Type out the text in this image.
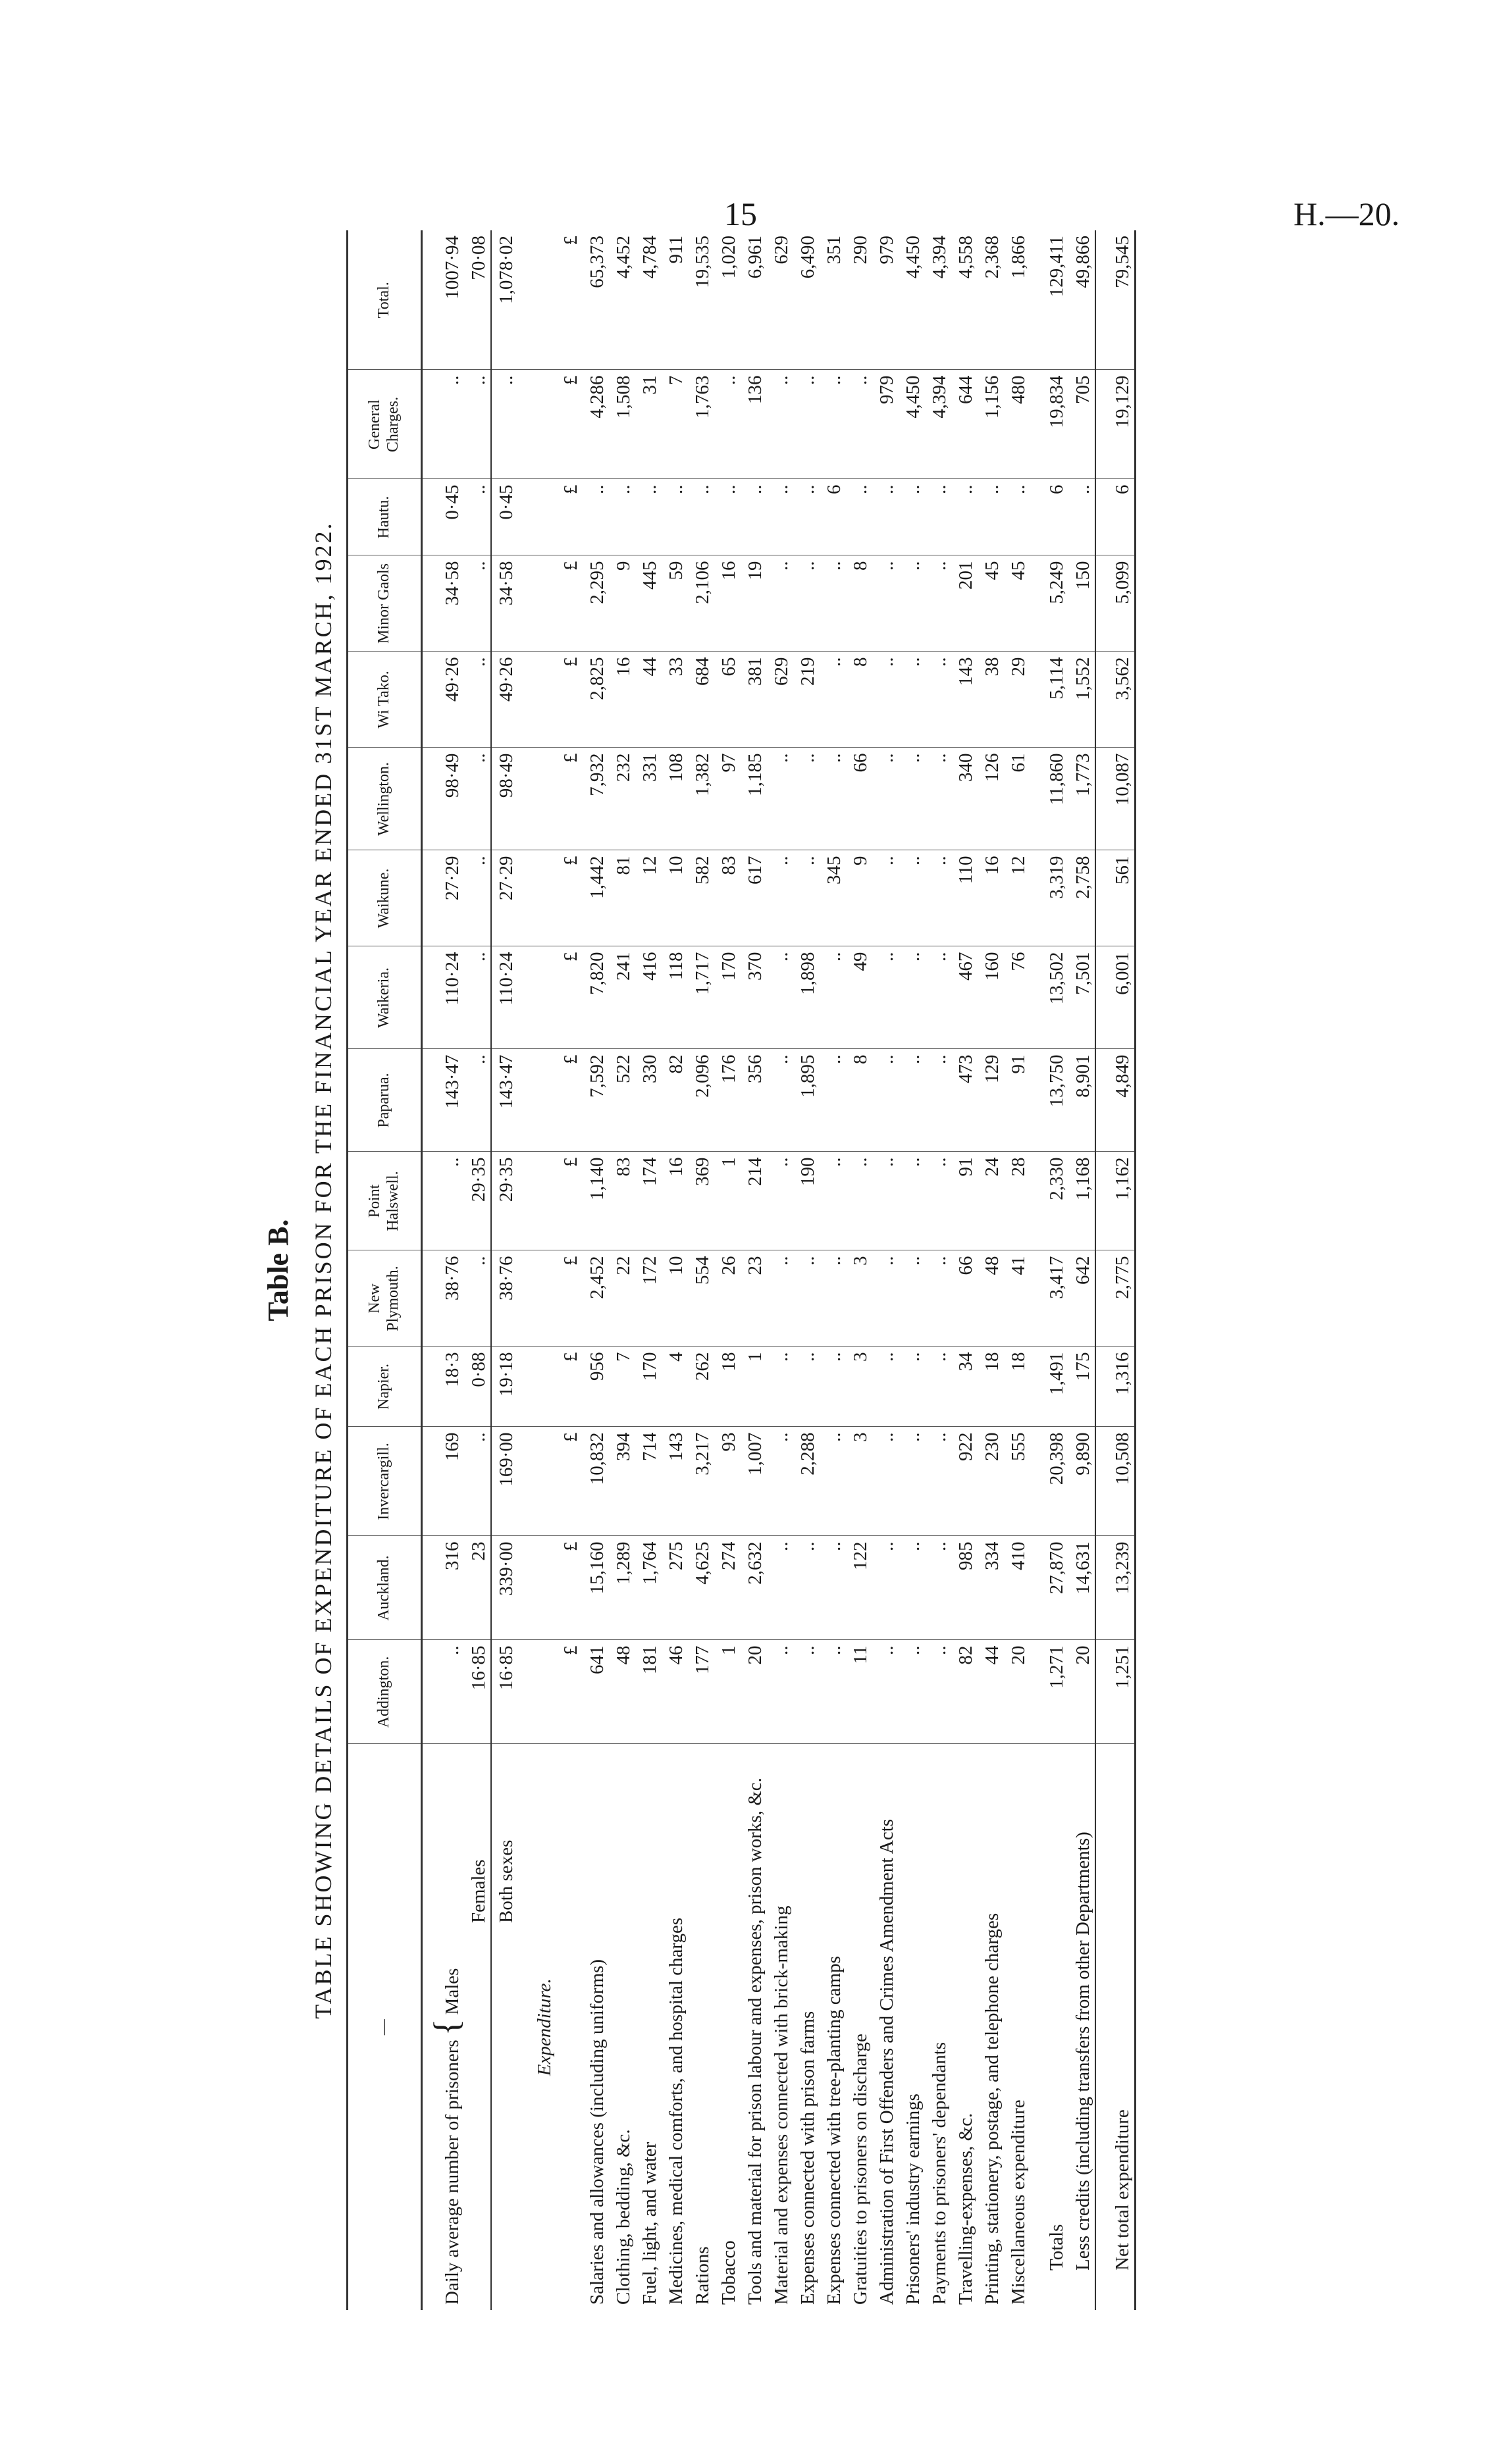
15	H.—20.
Table B. TABLE SHOWING DETAILS OF EXPENDITURE OF EACH PRISON FOR THE FINANCIAL YEAR ENDED 31ST MARCH, 1922.
—	Addington.	Auckland.	Invercargill.	Napier.	New Plymouth.	Point Halswell.	Paparua.	Waikeria.	Waikune.	Wellington.	Wi Tako.	Minor Gaols	Hautu.	General Charges.	Total.

Daily average number of prisoners{Males	..	316	169	18·3	38·76	..	143·47	110·24	27·29	98·49	49·26	34·58	0·45	..	1007·94
Females	16·85	23	..	0·88	..	29·35	..	..	..	..	..	..	..	..	70·08
Both sexes	16·85	339·00	169·00	19·18	38·76	29·35	143·47	110·24	27·29	98·49	49·26	34·58	0·45	..	1,078·02

Expenditure.															
	£	£	£	£	£	£	£	£	£	£	£	£	£	£	£
Salaries and allowances (including uniforms)	641	15,160	10,832	956	2,452	1,140	7,592	7,820	1,442	7,932	2,825	2,295	..	4,286	65,373
Clothing, bedding, &c.	48	1,289	394	7	22	83	522	241	81	232	16	9	..	1,508	4,452
Fuel, light, and water	181	1,764	714	170	172	174	330	416	12	331	44	445	..	31	4,784
Medicines, medical comforts, and hospital charges	46	275	143	4	10	16	82	118	10	108	33	59	..	7	911
Rations	177	4,625	3,217	262	554	369	2,096	1,717	582	1,382	684	2,106	..	1,763	19,535
Tobacco	1	274	93	18	26	1	176	170	83	97	65	16	..	..	1,020
Tools and material for prison labour and expenses, prison works, &c.	20	2,632	1,007	1	23	214	356	370	617	1,185	381	19	..	136	6,961
Material and expenses connected with brick-making	..	..	..	..	..	..	..	..	..	..	629	..	..	..	629
Expenses connected with prison farms	..	..	2,288	..	..	190	1,895	1,898	..	..	219	..	..	..	6,490
Expenses connected with tree-planting camps	..	..	..	..	..	..	..	..	345	..	..	..	6	..	351
Gratuities to prisoners on discharge	11	122	3	3	3	..	8	49	9	66	8	8	..	..	290
Administration of First Offenders and Crimes Amendment Acts	..	..	..	..	..	..	..	..	..	..	..	..	..	979	979
Prisoners' industry earnings	..	..	..	..	..	..	..	..	..	..	..	..	..	4,450	4,450
Payments to prisoners' dependants	..	..	..	..	..	..	..	..	..	..	..	..	..	4,394	4,394
Travelling-expenses, &c.	82	985	922	34	66	91	473	467	110	340	143	201	..	644	4,558
Printing, stationery, postage, and telephone charges	44	334	230	18	48	24	129	160	16	126	38	45	..	1,156	2,368
Miscellaneous expenditure	20	410	555	18	41	28	91	76	12	61	29	45	..	480	1,866

Totals	1,271	27,870	20,398	1,491	3,417	2,330	13,750	13,502	3,319	11,860	5,114	5,249	6	19,834	129,411
Less credits (including transfers from other Departments)	20	14,631	9,890	175	642	1,168	8,901	7,501	2,758	1,773	1,552	150	..	705	49,866

Net total expenditure	1,251	13,239	10,508	1,316	2,775	1,162	4,849	6,001	561	10,087	3,562	5,099	6	19,129	79,545
